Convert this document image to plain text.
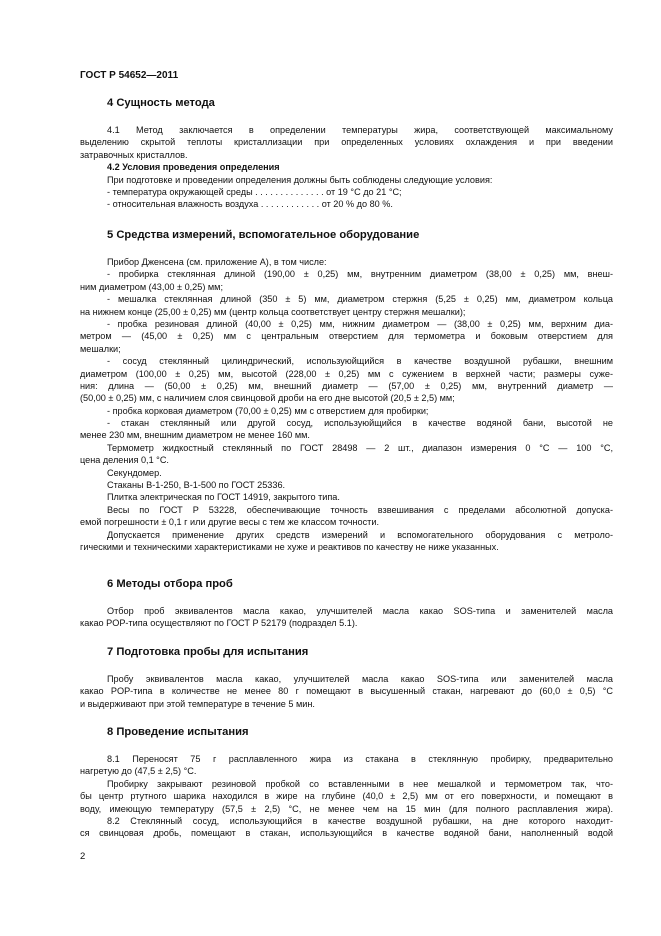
ГОСТ Р 54652—2011
4 Сущность метода
4.1 Метод заключается в определении температуры жира, соответствующей максимальному
выделению скрытой теплоты кристаллизации при определенных условиях охлаждения и при введении
затравочных кристаллов.
4.2 Условия проведения определения
При подготовке и проведении определения должны быть соблюдены следующие условия:
- температура окружающей среды . . . . . . . . . . . . . . от 19 °С до 21 °С;
- относительная влажность воздуха . . . . . . . . . . . . от 20 % до 80 %.
5 Средства измерений, вспомогательное оборудование
Прибор Дженсена (см. приложение А), в том числе:
- пробирка стеклянная длиной (190,00 ± 0,25) мм, внутренним диаметром (38,00 ± 0,25) мм, внеш-
ним диаметром (43,00 ± 0,25) мм;
- мешалка стеклянная длиной (350 ± 5) мм, диаметром стержня (5,25 ± 0,25) мм, диаметром кольца
на нижнем конце (25,00 ± 0,25) мм (центр кольца соответствует центру стержня мешалки);
- пробка резиновая длиной (40,00 ± 0,25) мм, нижним диаметром — (38,00 ± 0,25) мм, верхним диа-
метром — (45,00 ± 0,25) мм с центральным отверстием для термометра и боковым отверстием для
мешалки;
- сосуд стеклянный цилиндрический, используюйщийся в качестве воздушной рубашки, внешним
диаметром (100,00 ± 0,25) мм, высотой (228,00 ± 0,25) мм с сужением в верхней части; размеры суже-
ния: длина — (50,00 ± 0,25) мм, внешний диаметр — (57,00 ± 0,25) мм, внутренний диаметр —
(50,00 ± 0,25) мм, с наличием слоя свинцовой дроби на его дне высотой (20,5 ± 2,5) мм;
- пробка корковая диаметром (70,00 ± 0,25) мм с отверстием для пробирки;
- стакан стеклянный или другой сосуд, используюйщийся в качестве водяной бани, высотой не
менее 230 мм, внешним диаметром не менее 160 мм.
Термометр жидкостный стеклянный по ГОСТ 28498 — 2 шт., диапазон измерения 0 °С — 100 °С,
цена деления 0,1 °С.
Секундомер.
Стаканы В-1-250, В-1-500 по ГОСТ 25336.
Плитка электрическая по ГОСТ 14919, закрытого типа.
Весы по ГОСТ Р 53228, обеспечивающие точность взвешивания с пределами абсолютной допуска-
емой погрешности ± 0,1 г или другие весы с тем же классом точности.
Допускается применение других средств измерений и вспомогательного оборудования с метроло-
гическими и техническими характеристиками не хуже и реактивов по качеству не ниже указанных.
6 Методы отбора проб
Отбор проб эквивалентов масла какао, улучшителей масла какао SOS-типа и заменителей масла
какао POP-типа осуществляют по ГОСТ Р 52179 (подраздел 5.1).
7 Подготовка пробы для испытания
Пробу эквивалентов масла какао, улучшителей масла какао SOS-типа или заменителей масла
какао POP-типа в количестве не менее 80 г помещают в высушенный стакан, нагревают до (60,0 ± 0,5) °С
и выдерживают при этой температуре в течение 5 мин.
8 Проведение испытания
8.1 Переносят 75 г расплавленного жира из стакана в стеклянную пробирку, предварительно
нагретую до (47,5 ± 2,5) °С.
Пробирку закрывают резиновой пробкой со вставленными в нее мешалкой и термометром так, что-
бы центр ртутного шарика находился в жире на глубине (40,0 ± 2,5) мм от его поверхности, и помещают в
воду, имеющую температуру (57,5 ± 2,5) °С, не менее чем на 15 мин (для полного расплавления жира).
8.2 Стеклянный сосуд, использующийся в качестве воздушной рубашки, на дне которого находит-
ся свинцовая дробь, помещают в стакан, использующийся в качестве водяной бани, наполненный водой
2
